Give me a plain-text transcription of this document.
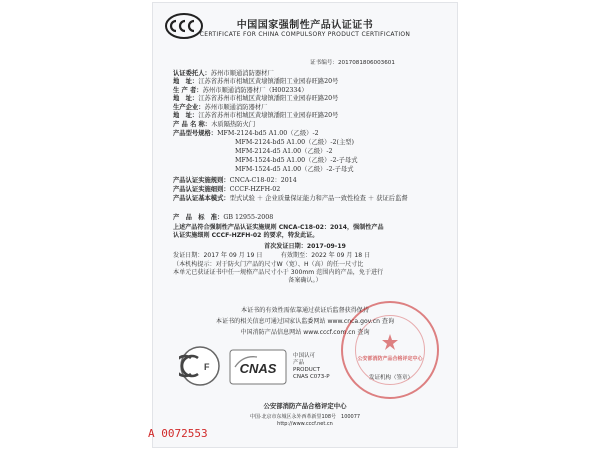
中国国家强制性产品认证证书
CERTIFICATE FOR CHINA COMPULSORY PRODUCT CERTIFICATION
证书编号：2017081806003601
认证委托人：苏州市顺通消防器材厂
地　址：江苏省苏州市相城区黄埭镇潘阳工业园春旺路20号
生 产 者：苏州市顺通消防器材厂（H002334）
地　址：江苏省苏州市相城区黄埭镇潘阳工业园春旺路20号
生产企业：苏州市顺通消防器材厂
地　址：江苏省苏州市相城区黄埭镇潘阳工业园春旺路20号
产 品 名 称：木质隔热防火门
产品型号规格：MFM-2124-bd5 A1.00（乙级）-2
MFM-2124-bd5 A1.00（乙级）-2(主型)
MFM-2124-d5 A1.00（乙级）-2
MFM-1524-bd5 A1.00（乙级）-2-子母式
MFM-1524-d5 A1.00（乙级）-2-子母式
产品认证实施规则：CNCA-C18-02：2014
产品认证实施细则：CCCF-HZFH-02
产品认证基本模式：型式试验 ＋ 企业质量保证能力和产品一致性检查 ＋ 获证后监督
产　品　标　准：GB 12955-2008
上述产品符合强制性产品认证实施规则 CNCA-C18-02：2014，强制性产品
认证实施细则 CCCF-HZFH-02 的要求，特发此证。
首次发证日期：2017-09-19
发证日期：2017 年 09 月 19 日　　　有效期至：2022 年 09 月 18 日
（本机构提示：对于防火门产品的尺寸W（宽）、H（高）的任一尺寸比
本单元已获证证书中任一规格产品尺寸小于 300mm 范围内的产品，免于进行
备案确认。）
本证书的有效性需依靠通过获证后监督获得保持
本证书的相关信息可通过国家认监委网站 www.cnca.gov.cn 查询
中国消防产品信息网站 www.cccf.com.cn 查询
公安部消防产品合格评定中心
F CNAS
中国认可
产品
PRODUCT
CNAS C073-P	发证机构（签章）
公安部消防产品合格评定中心
中国·北京市东城区永外西革新里108号　100077
http://www.cccf.net.cn
A 0072553
